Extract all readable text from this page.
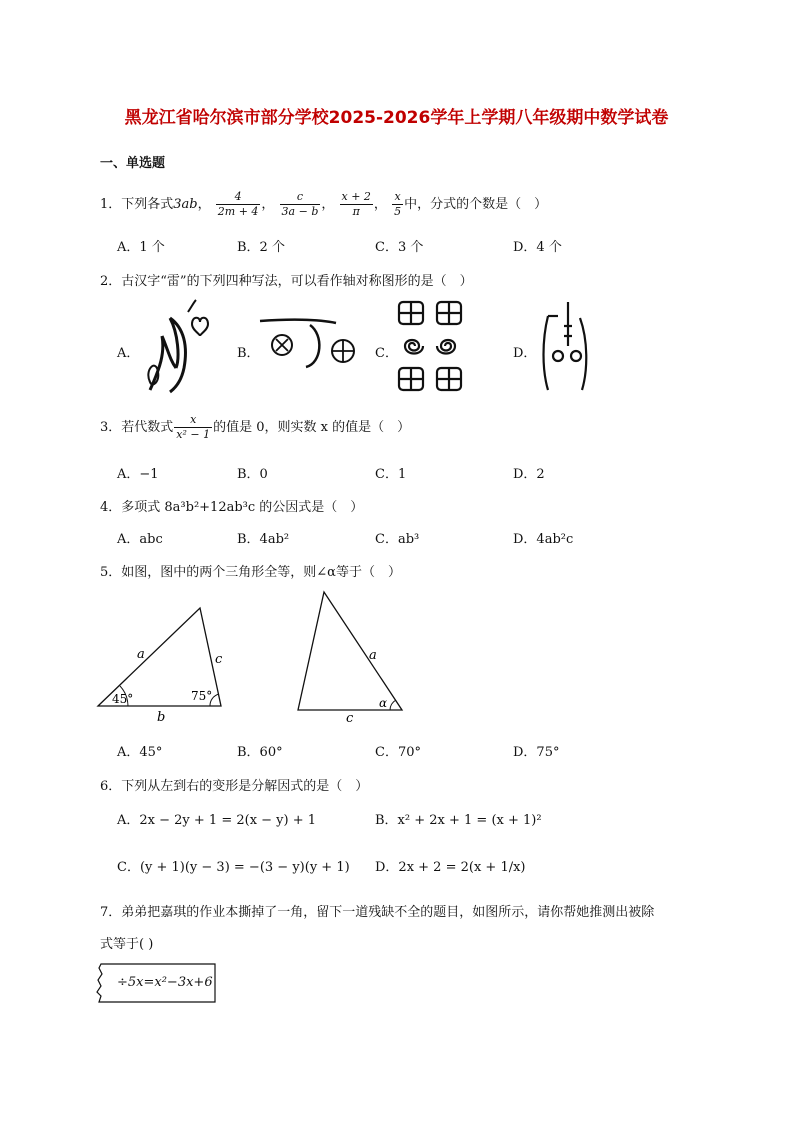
黑龙江省哈尔滨市部分学校2025-2026学年上学期八年级期中数学试卷
一、单选题
1．下列各式3ab， $\frac{4}{2m + 4}$ ， $\frac{c}{3a - b}$ ， $\frac{x + 2}{\pi}$ ， $\frac{x}{5}$ 中，分式的个数是（　）
A．1 个	B．2 个	C．3 个	D．4 个
2．古汉字“雷”的下列四种写法，可以看作轴对称图形的是（　）
A．	B．	C．	D．
3．若代数式 $\frac{x}{\text{x² − 1}}$ 的值是 0，则实数 x 的值是（　）
A．−1	B．0	C．1	D．2
4．多项式 8a³b²+12ab³c 的公因式是（　）
A．abc	B．4ab²	C．ab³	D．4ab²c
5．如图，图中的两个三角形全等，则∠α等于（　）
a	c
b
45°	75°
a
c
α
A．45°	B．60°	C．70°	D．75°
6．下列从左到右的变形是分解因式的是（　）
A．2x − 2y + 1 = 2(x − y) + 1	B．x² + 2x + 1 = (x + 1)²
C．(y + 1)(y − 3) = −(3 − y)(y + 1) D．2x + 2 = 2(x + 1/x)
7．弟弟把嘉琪的作业本撕掉了一角，留下一道残缺不全的题目，如图所示，请你帮她推测出被除
式等于( )
÷5x=x²−3x+6
